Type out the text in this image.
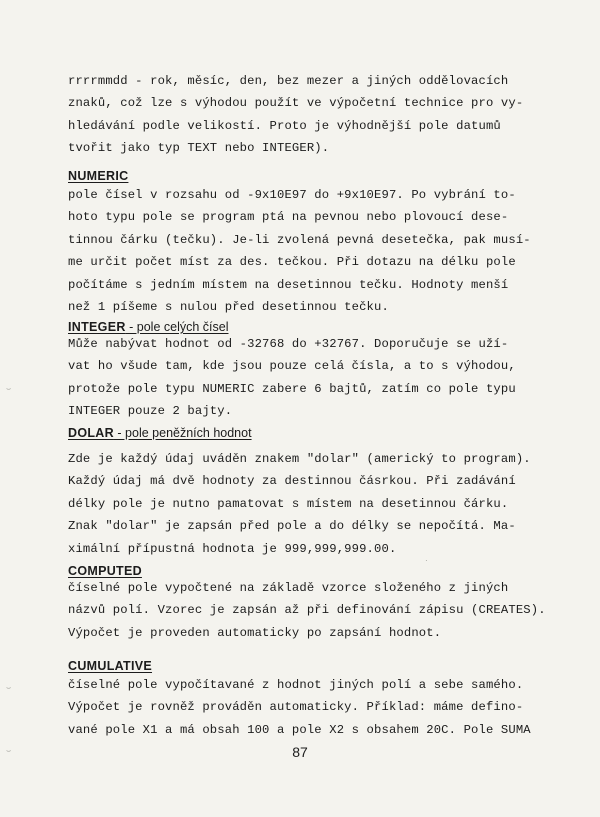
rrrrmmdd - rok, měsíc, den, bez mezer a jiných oddělovacích
znaků, což lze s výhodou použít ve výpočetní technice pro vy-
hledávání podle velikostí. Proto je výhodnější pole datumů
tvořit jako typ TEXT nebo INTEGER).
NUMERIC
pole čísel v rozsahu od -9x10E97 do +9x10E97. Po vybrání to-
hoto typu pole se program ptá na pevnou nebo plovoucí dese-
tinnou čárku (tečku). Je-li zvolená pevná desetečka, pak musí-
me určit počet míst za des. tečkou. Při dotazu na délku pole
počítáme s jedním místem na desetinnou tečku. Hodnoty menší
než 1 píšeme s nulou před desetinnou tečku.
INTEGER - pole celých čísel
Může nabývat hodnot od -32768 do +32767. Doporučuje se uží-
vat ho všude tam, kde jsou pouze celá čísla, a to s výhodou,
protože pole typu NUMERIC zabere 6 bajtů, zatím co pole typu
INTEGER pouze 2 bajty.
DOLAR - pole peněžních hodnot
Zde je každý údaj uváděn znakem "dolar" (americký to program).
Každý údaj má dvě hodnoty za destinnou čásrkou. Při zadávání
délky pole je nutno pamatovat s místem na desetinnou čárku.
Znak "dolar" je zapsán před pole a do délky se nepočítá. Ma-
ximální přípustná hodnota je 999,999,999.00.
COMPUTED
číselné pole vypočtené na základě vzorce složeného z jiných
názvů polí. Vzorec je zapsán až při definování zápisu (CREATES).
Výpočet je proveden automaticky po zapsání hodnot.
CUMULATIVE
číselné pole vypočítavané z hodnot jiných polí a sebe samého.
Výpočet je rovněž prováděn automaticky. Příklad: máme defino-
vané pole X1 a má obsah 100 a pole X2 s obsahem 20C. Pole SUMA
87
⌣
⌣
⌣
·
